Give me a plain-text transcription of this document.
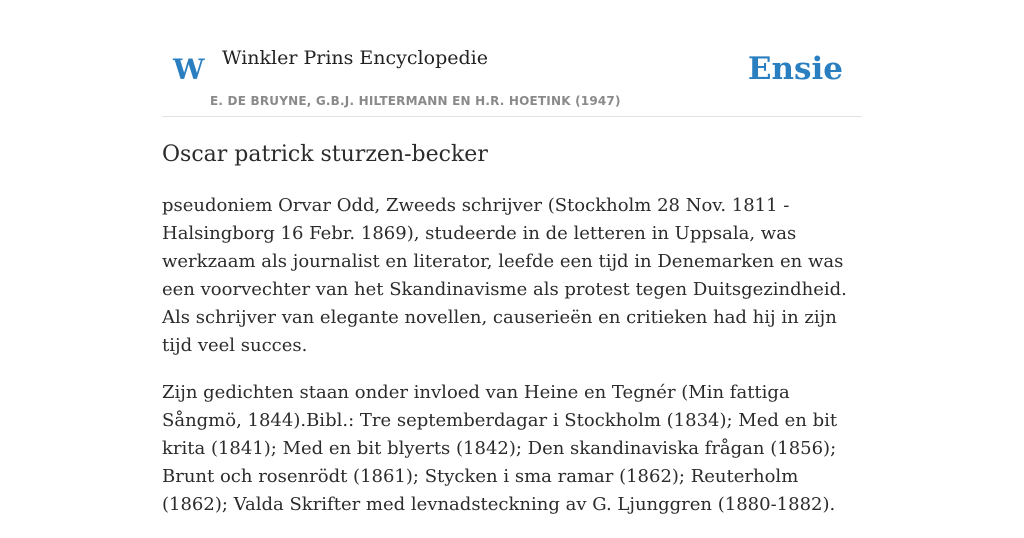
W Winkler Prins Encyclopedie
E. DE BRUYNE, G.B.J. HILTERMANN EN H.R. HOETINK (1947)
Ensie
Oscar patrick sturzen-becker

pseudoniem Orvar Odd, Zweeds schrijver (Stockholm 28 Nov. 1811 - Halsingborg 16 Febr. 1869), studeerde in de letteren in Uppsala, was werkzaam als journalist en literator, leefde een tijd in Denemarken en was een voorvechter van het Skandinavisme als protest tegen Duitsgezindheid. Als schrijver van elegante novellen, causerieën en critieken had hij in zijn tijd veel succes.

Zijn gedichten staan onder invloed van Heine en Tegnér (Min fattiga Sångmö, 1844).Bibl.: Tre septemberdagar i Stockholm (1834); Med en bit krita (1841); Med en bit blyerts (1842); Den skandinaviska frågan (1856); Brunt och rosenrödt (1861); Stycken i sma ramar (1862); Reuterholm (1862); Valda Skrifter med levnadsteckning av G. Ljunggren (1880-1882).
